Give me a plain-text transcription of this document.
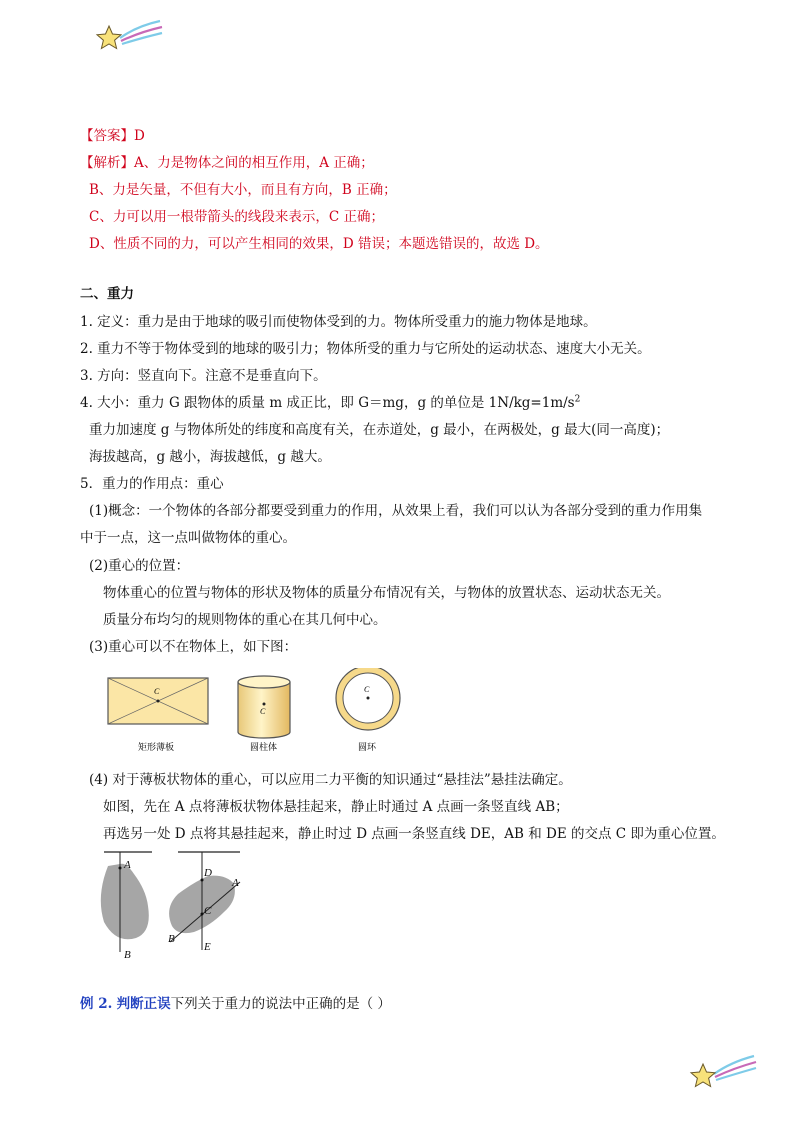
【答案】D
【解析】A、力是物体之间的相互作用，A 正确；
B、力是矢量，不但有大小，而且有方向，B 正确；
C、力可以用一根带箭头的线段来表示，C 正确；
D、性质不同的力，可以产生相同的效果，D 错误；本题选错误的，故选 D。
二、重力
1. 定义：重力是由于地球的吸引而使物体受到的力。物体所受重力的施力物体是地球。
2. 重力不等于物体受到的地球的吸引力；物体所受的重力与它所处的运动状态、速度大小无关。
3. 方向：竖直向下。注意不是垂直向下。
4. 大小：重力 G 跟物体的质量 m 成正比，即 G＝mg，g 的单位是 $1N/kg=1m/s^2$
重力加速度 g 与物体所处的纬度和高度有关，在赤道处，g 最小，在两极处，g 最大(同一高度)；
海拔越高，g 越小，海拔越低，g 越大。
5．重力的作用点：重心
(1)概念：一个物体的各部分都要受到重力的作用，从效果上看，我们可以认为各部分受到的重力作用集
中于一点，这一点叫做物体的重心。
(2)重心的位置：
物体重心的位置与物体的形状及物体的质量分布情况有关，与物体的放置状态、运动状态无关。
质量分布均匀的规则物体的重心在其几何中心。
(3)重心可以不在物体上，如下图：
C
C
C
矩形薄板	圆柱体	圆环
(4) 对于薄板状物体的重心，可以应用二力平衡的知识通过“悬挂法”悬挂法确定。
如图，先在 A 点将薄板状物体悬挂起来，静止时通过 A 点画一条竖直线 AB；
再选另一处 D 点将其悬挂起来，静止时过 D 点画一条竖直线 DE，AB 和 DE 的交点 C 即为重心位置。
A
B
D
A
C
B
E
例 2. 判断正误下列关于重力的说法中正确的是（ ）
